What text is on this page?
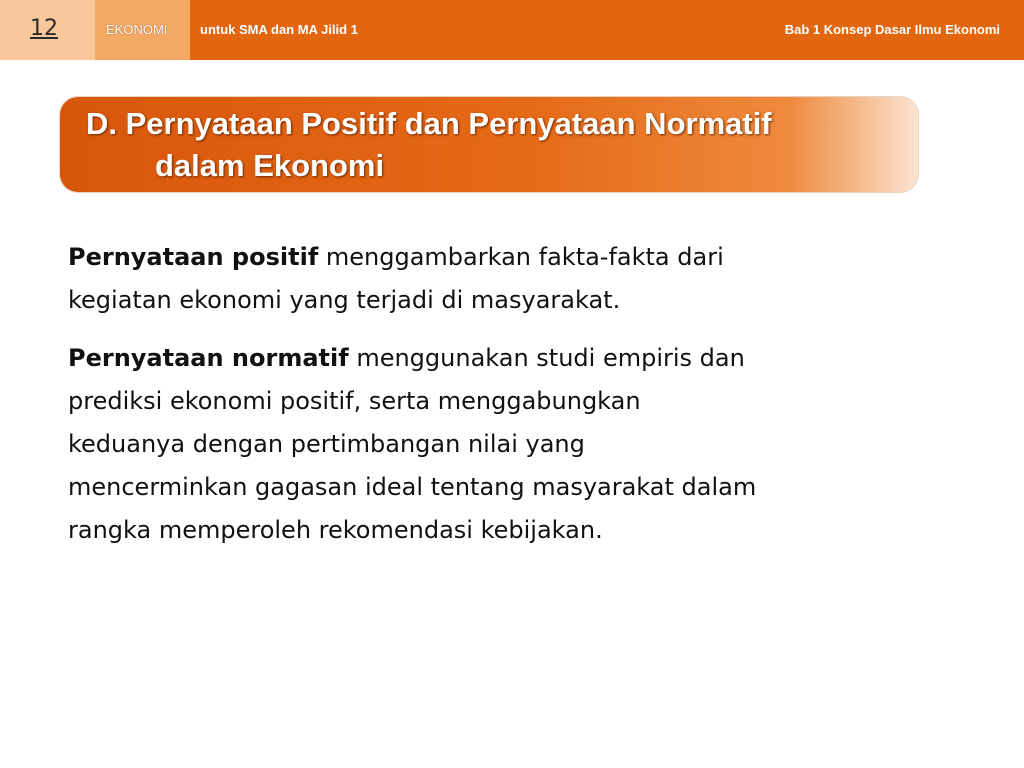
12	EKONOMI	untuk SMA dan MA Jilid 1	Bab 1 Konsep Dasar Ilmu Ekonomi
D. Pernyataan Positif dan Pernyataan Normatif
dalam Ekonomi

Pernyataan positif menggambarkan fakta-fakta dari
kegiatan ekonomi yang terjadi di masyarakat.

Pernyataan normatif menggunakan studi empiris dan
prediksi ekonomi positif, serta menggabungkan
keduanya dengan pertimbangan nilai yang
mencerminkan gagasan ideal tentang masyarakat dalam
rangka memperoleh rekomendasi kebijakan.
